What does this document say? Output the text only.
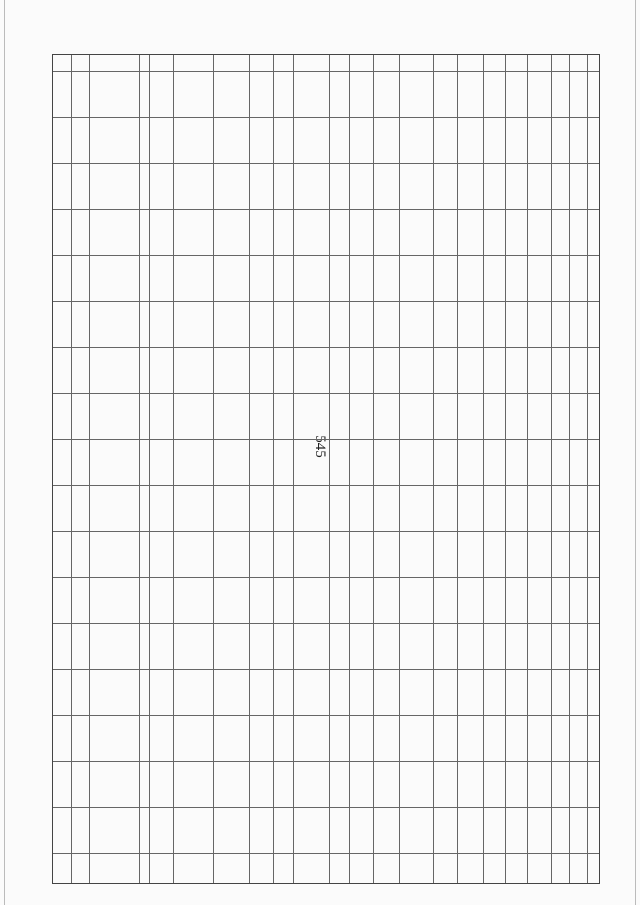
545
